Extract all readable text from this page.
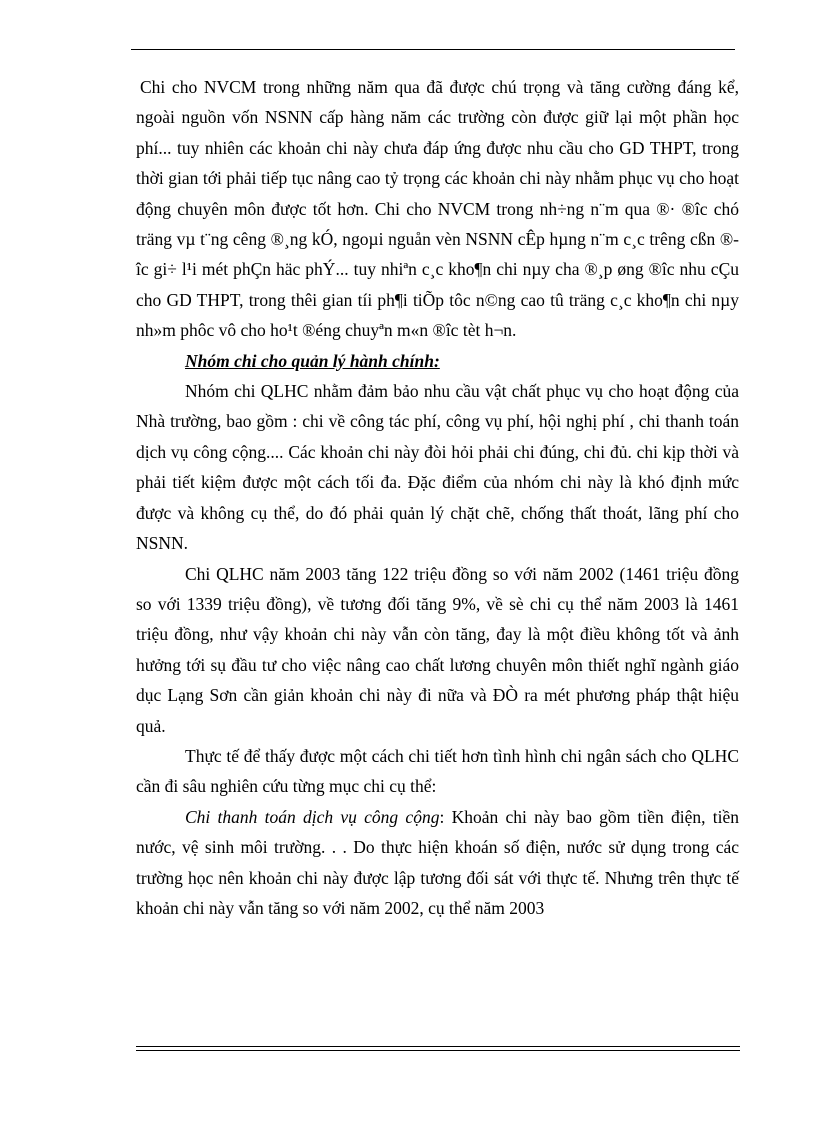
Chi cho NVCM trong những năm qua đã được chú trọng và tăng cường đáng kể, ngoài nguồn vốn NSNN cấp hàng năm các trường còn được giữ lại một phần học phí... tuy nhiên các khoản chi này chưa đáp ứng được nhu cầu cho GD THPT, trong thời gian tới phải tiếp tục nâng cao tỷ trọng các khoản chi này nhằm phục vụ cho hoạt động chuyên môn được tốt hơn. Chi cho NVCM trong nh÷ng n¨m qua ®· ®îc chó träng vµ t¨ng cêng ®¸ng kÓ, ngoµi nguån vèn NSNN cÊp hµng n¨m c¸c trêng cßn ®îc gi÷ l¹i mét phÇn häc phÝ... tuy nhiªn c¸c kho¶n chi nµy cha ®¸p øng ®îc nhu cÇu cho GD THPT, trong thêi gian tíi ph¶i tiÕp tôc n©ng cao tû träng c¸c kho¶n chi nµy nh»m phôc vô cho ho¹t ®éng chuyªn m«n ®îc tèt h¬n.

Nhóm chi cho quản lý hành chính:

Nhóm chi QLHC nhằm đảm bảo nhu cầu vật chất phục vụ cho hoạt động của Nhà trường, bao gồm : chi về công tác phí, công vụ phí, hội nghị phí , chi thanh toán dịch vụ công cộng.... Các khoản chi này đòi hỏi phải chi đúng, chi đủ. chi kịp thời và phải tiết kiệm được một cách tối đa. Đặc điểm của nhóm chi này là khó định mức được và không cụ thể, do đó phải quản lý chặt chẽ, chống thất thoát, lãng phí cho NSNN.

Chi QLHC năm 2003 tăng 122 triệu đồng so với năm 2002 (1461 triệu đồng so với 1339 triệu đồng), về tương đối tăng 9%, về sè chi cụ thể năm 2003 là 1461 triệu đồng, như vậy khoản chi này vẫn còn tăng, đay là một điều không tốt và ảnh hưởng tới sụ đầu tư cho việc nâng cao chất lương chuyên môn thiết nghĩ ngành giáo dục Lạng Sơn cần giản khoản chi này đi nữa và ĐÒ ra mét phương pháp thật hiệu quả.

Thực tế để thấy được một cách chi tiết hơn tình hình chi ngân sách cho QLHC cần đi sâu nghiên cứu từng mục chi cụ thể:

Chi thanh toán dịch vụ công cộng: Khoản chi này bao gồm tiền điện, tiền nước, vệ sinh môi trường. . . Do thực hiện khoán số điện, nước sử dụng trong các trường học nên khoản chi này được lập tương đối sát với thực tế. Nhưng trên thực tế khoản chi này vẫn tăng so với năm 2002, cụ thể năm 2003
